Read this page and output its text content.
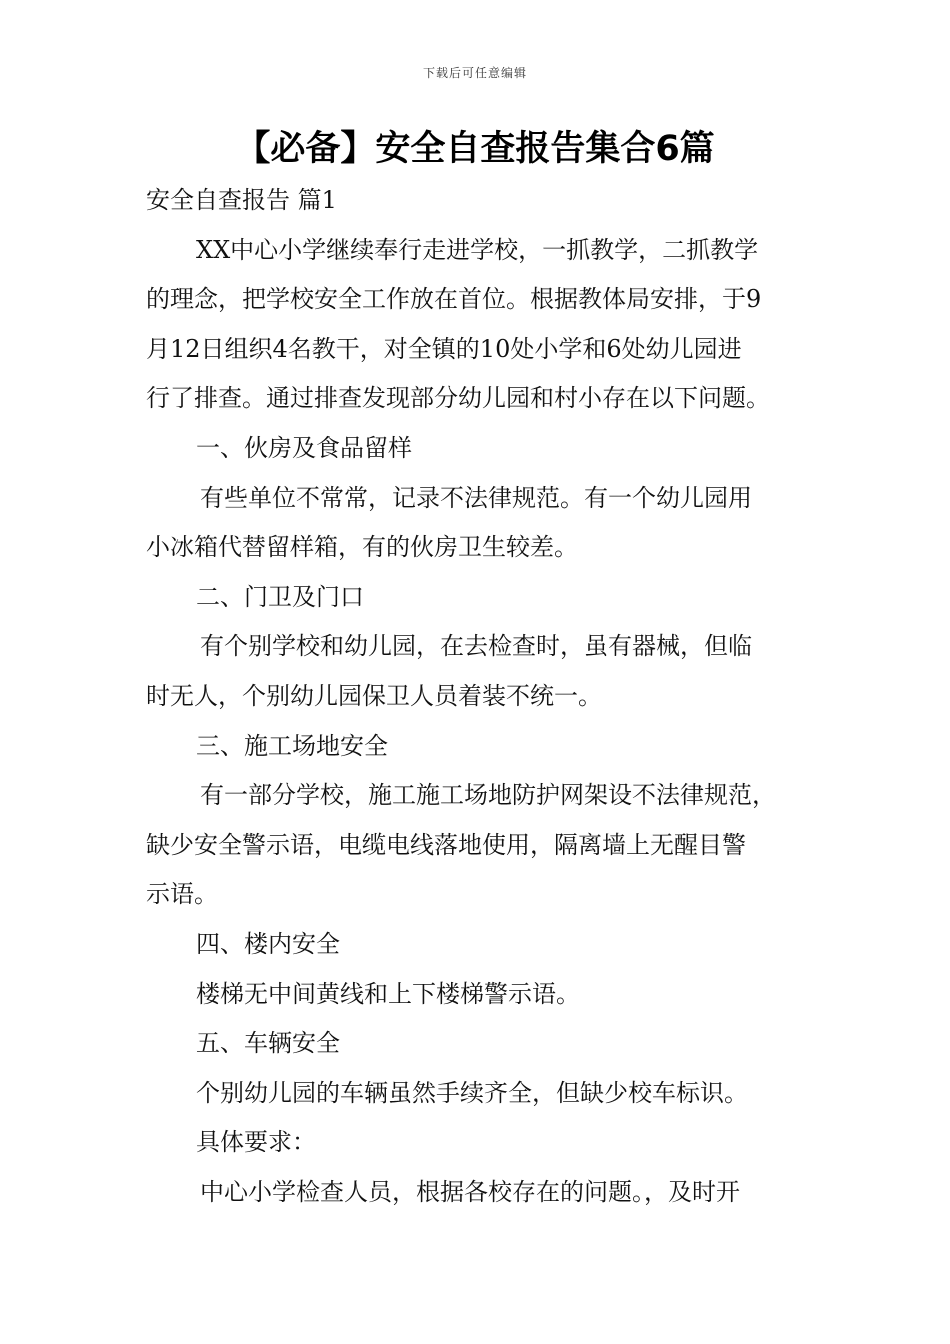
下载后可任意编辑
【必备】安全自查报告集合6篇

安全自查报告 篇1

XX中心小学继续奉行走进学校，一抓教学，二抓教学

的理念，把学校安全工作放在首位。根据教体局安排，于9

月12日组织4名教干，对全镇的10处小学和6处幼儿园进

行了排查。通过排查发现部分幼儿园和村小存在以下问题。

一、伙房及食品留样

有些单位不常常，记录不法律规范。有一个幼儿园用

小冰箱代替留样箱，有的伙房卫生较差。

二、门卫及门口

有个别学校和幼儿园，在去检查时，虽有器械，但临

时无人，个别幼儿园保卫人员着装不统一。

三、施工场地安全

有一部分学校，施工施工场地防护网架设不法律规范，

缺少安全警示语，电缆电线落地使用，隔离墙上无醒目警

示语。

四、楼内安全

楼梯无中间黄线和上下楼梯警示语。

五、车辆安全

个别幼儿园的车辆虽然手续齐全，但缺少校车标识。

具体要求：

中心小学检查人员，根据各校存在的问题。，及时开
